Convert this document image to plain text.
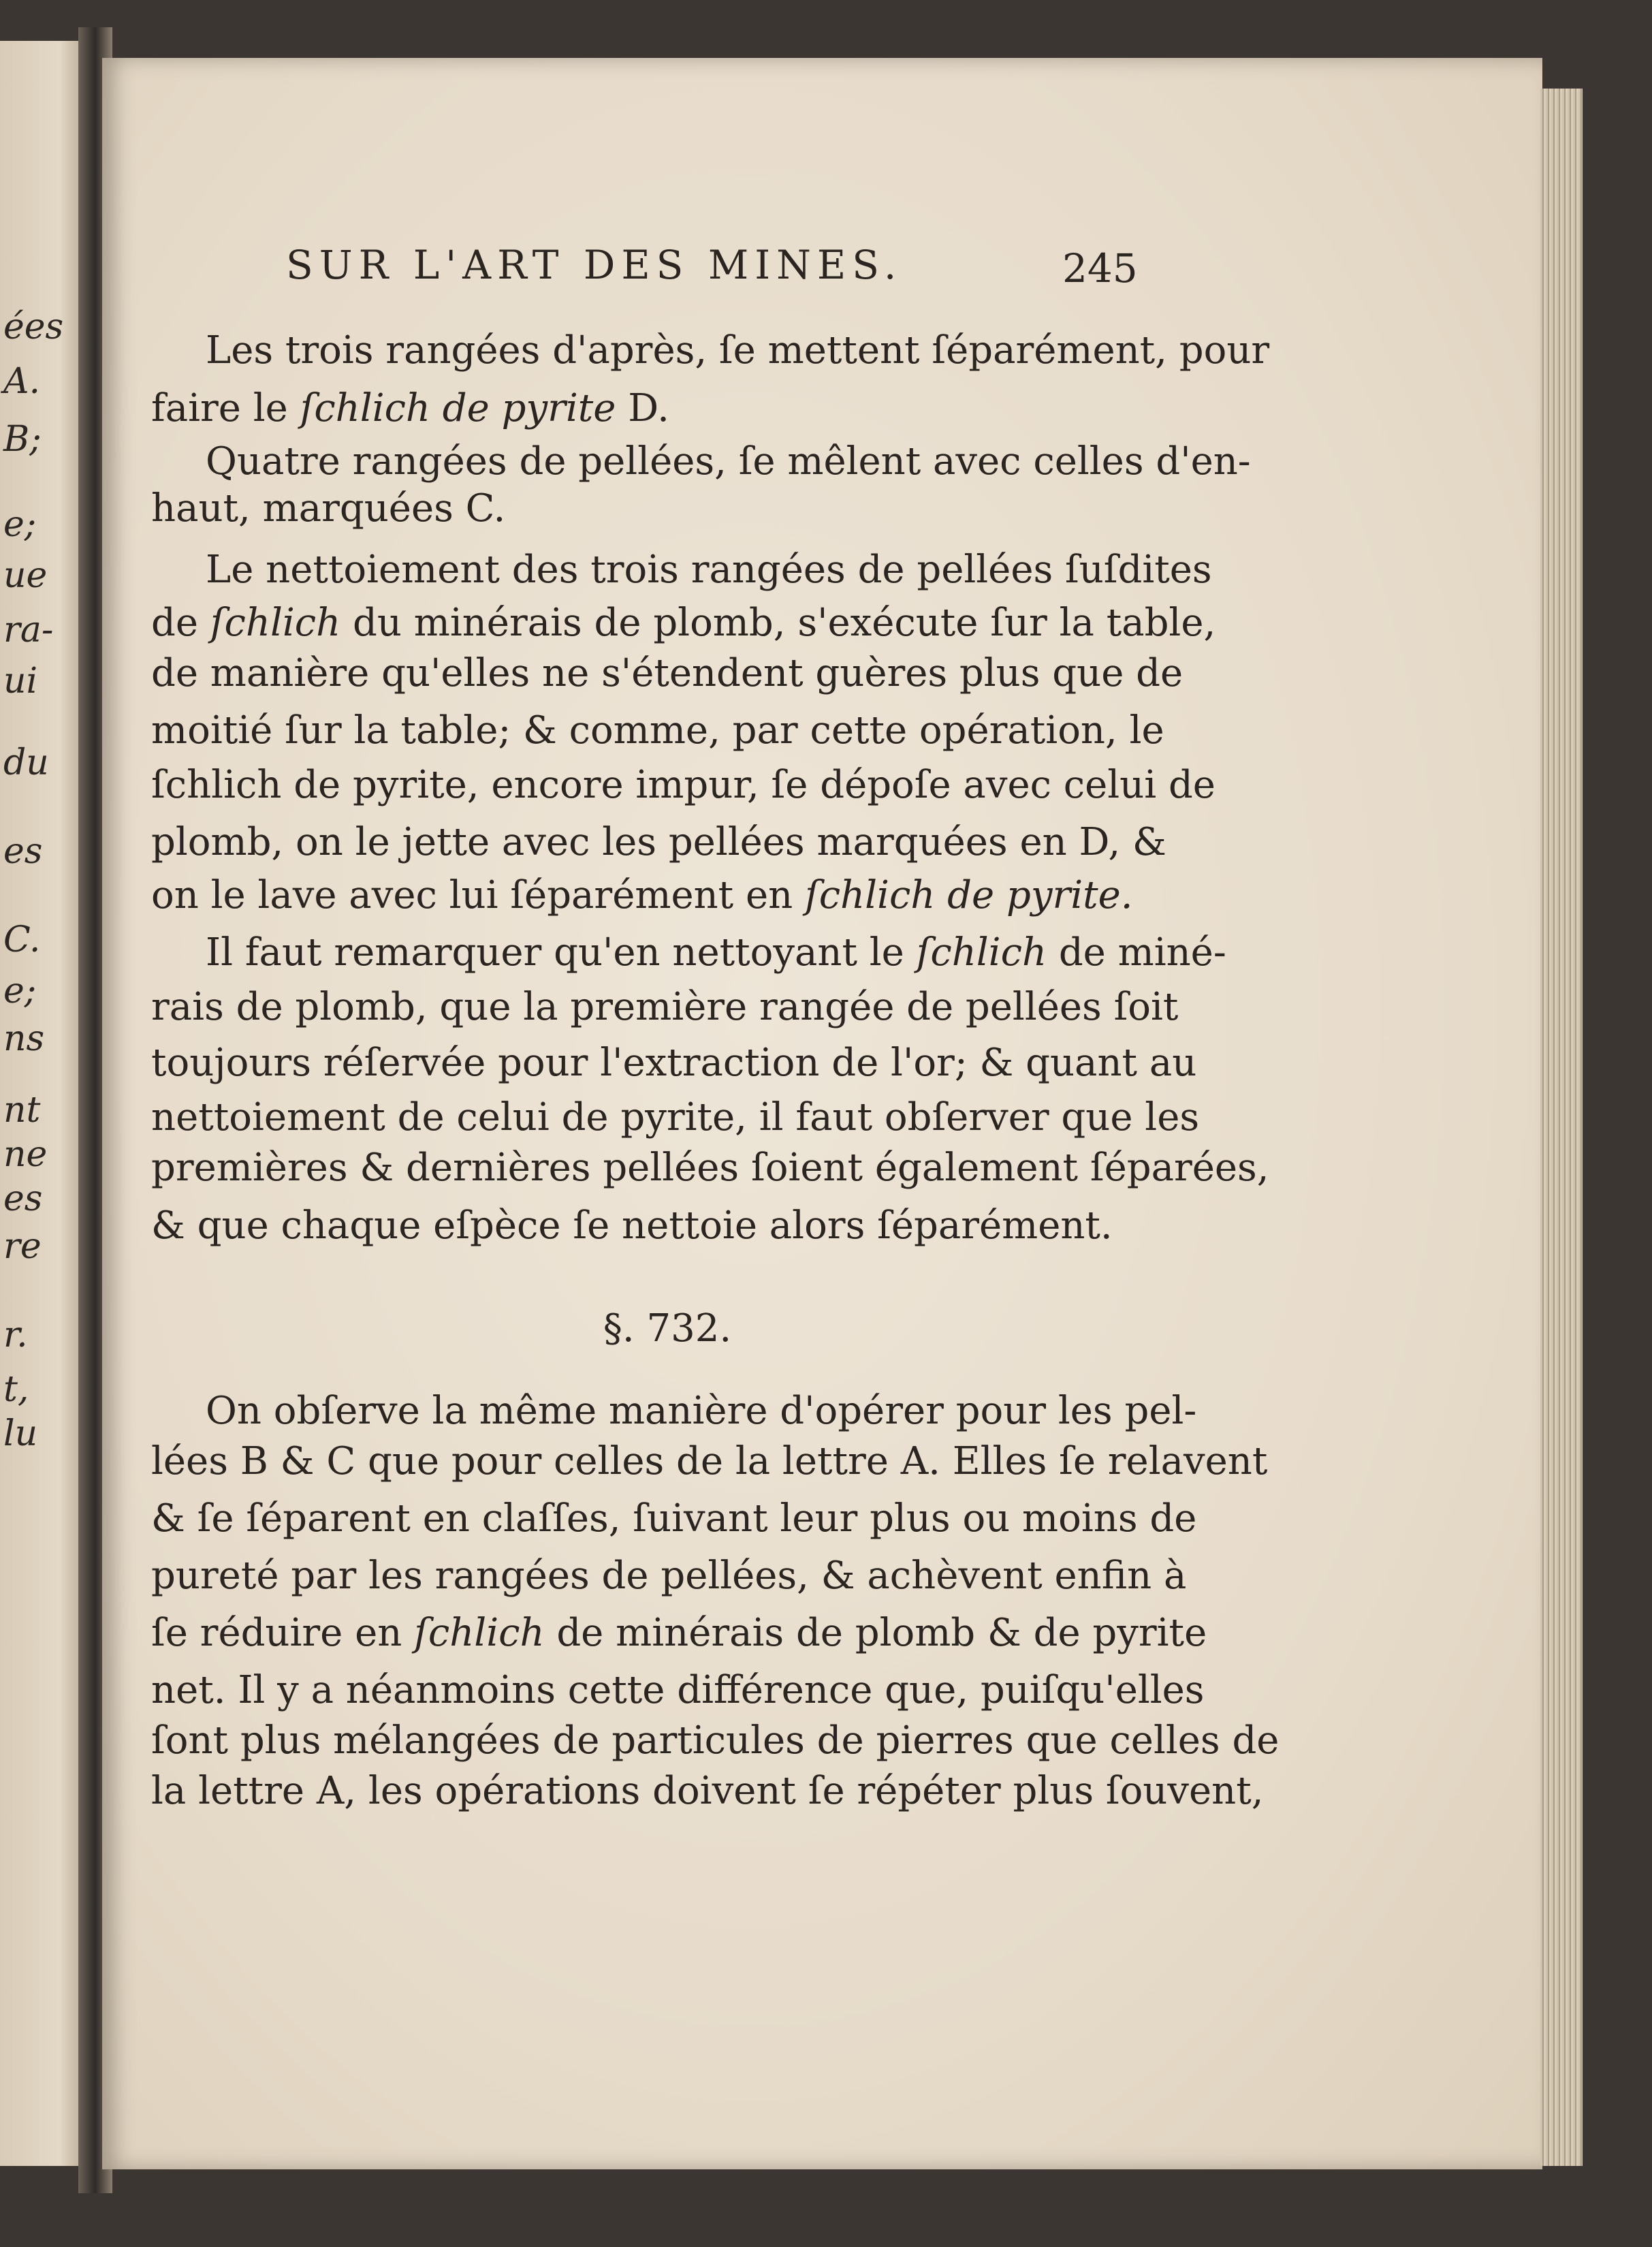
ées
A.
B;
e;
ue
ra-
ui
du
es
C.
e;
ns
nt
ne
es
re
r.
t,
lu
SUR L'ART DES MINES.	245
Les trois rangées d'après, ſe mettent ſéparément, pour
faire le ſchlich de pyrite D.
Quatre rangées de pellées, ſe mêlent avec celles d'en-
haut, marquées C.
Le nettoiement des trois rangées de pellées ſuſdites
de ſchlich du minérais de plomb, s'exécute ſur la table,
de manière qu'elles ne s'étendent guères plus que de
moitié ſur la table; & comme, par cette opération, le
ſchlich de pyrite, encore impur, ſe dépoſe avec celui de
plomb, on le jette avec les pellées marquées en D, &
on le lave avec lui ſéparément en ſchlich de pyrite.
Il faut remarquer qu'en nettoyant le ſchlich de miné-
rais de plomb, que la première rangée de pellées ſoit
toujours réſervée pour l'extraction de l'or; & quant au
nettoiement de celui de pyrite, il faut obſerver que les
premières & dernières pellées ſoient également ſéparées,
& que chaque eſpèce ſe nettoie alors ſéparément.
On obſerve la même manière d'opérer pour les pel-
lées B & C que pour celles de la lettre A. Elles ſe relavent
& ſe ſéparent en claſſes, ſuivant leur plus ou moins de
pureté par les rangées de pellées, & achèvent enfin à
ſe réduire en ſchlich de minérais de plomb & de pyrite
net. Il y a néanmoins cette différence que, puiſqu'elles
ſont plus mélangées de particules de pierres que celles de
la lettre A, les opérations doivent ſe répéter plus ſouvent,
§. 732.
